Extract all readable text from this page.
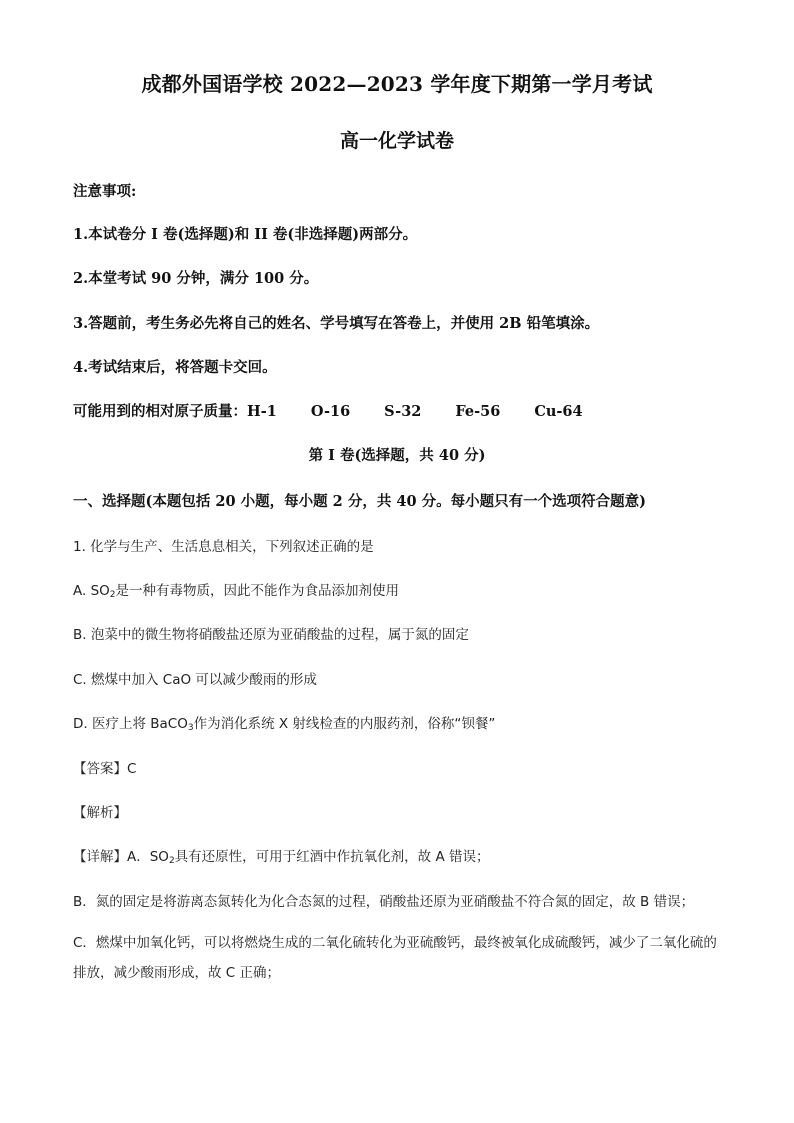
成都外国语学校 2022—2023 学年度下期第一学月考试
高一化学试卷
注意事项:
1.本试卷分 I 卷(选择题)和 II 卷(非选择题)两部分。
2.本堂考试 90 分钟，满分 100 分。
3.答题前，考生务必先将自己的姓名、学号填写在答卷上，并使用 2B 铅笔填涂。
4.考试结束后，将答题卡交回。
可能用到的相对原子质量：H-1 O-16 S-32 Fe-56 Cu-64
第 I 卷(选择题，共 40 分)
一、选择题(本题包括 20 小题，每小题 2 分，共 40 分。每小题只有一个选项符合题意)
1. 化学与生产、生活息息相关，下列叙述正确的是
A. $SO_2$是一种有毒物质，因此不能作为食品添加剂使用
B. 泡菜中的微生物将硝酸盐还原为亚硝酸盐的过程，属于氮的固定
C. 燃煤中加入 CaO 可以减少酸雨的形成
D. 医疗上将 BaCO$_3$作为消化系统 X 射线检查的内服药剂，俗称“钡餐”
【答案】C
【解析】
【详解】A．$SO_2$具有还原性，可用于红酒中作抗氧化剂，故 A 错误；
B．氮的固定是将游离态氮转化为化合态氮的过程，硝酸盐还原为亚硝酸盐不符合氮的固定，故 B 错误；
C．燃煤中加氧化钙，可以将燃烧生成的二氧化硫转化为亚硫酸钙，最终被氧化成硫酸钙，减少了二氧化硫的排放，减少酸雨形成，故 C 正确；
